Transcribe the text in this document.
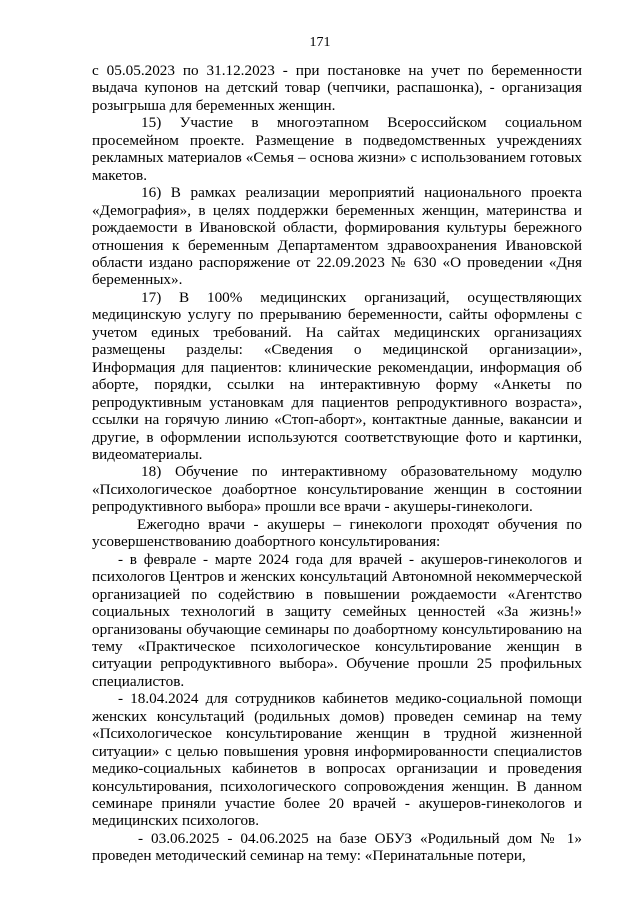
171

с 05.05.2023 по 31.12.2023 - при постановке на учет по беременности выдача купонов на детский товар (чепчики, распашонка), - организация розыгрыша для беременных женщин.

15) Участие в многоэтапном Всероссийском социальном просемейном проекте. Размещение в подведомственных учреждениях рекламных материалов «Семья – основа жизни» с использованием готовых макетов.

16) В рамках реализации мероприятий национального проекта «Демография», в целях поддержки беременных женщин, материнства и рождаемости в Ивановской области, формирования культуры бережного отношения к беременным Департаментом здравоохранения Ивановской области издано распоряжение от 22.09.2023 № 630 «О проведении «Дня беременных».

17) В 100% медицинских организаций, осуществляющих медицинскую услугу по прерыванию беременности, сайты оформлены с учетом единых требований. На сайтах медицинских организациях размещены разделы: «Сведения о медицинской организации», Информация для пациентов: клинические рекомендации, информация об аборте, порядки, ссылки на интерактивную форму «Анкеты по репродуктивным установкам для пациентов репродуктивного возраста», ссылки на горячую линию «Стоп-аборт», контактные данные, вакансии и другие, в оформлении используются соответствующие фото и картинки, видеоматериалы.

18) Обучение по интерактивному образовательному модулю «Психологическое доабортное консультирование женщин в состоянии репродуктивного выбора» прошли все врачи - акушеры-гинекологи.

Ежегодно врачи - акушеры – гинекологи проходят обучения по усовершенствованию доабортного консультирования:

- в феврале - марте 2024 года для врачей - акушеров-гинекологов и психологов Центров и женских консультаций Автономной некоммерческой организацией по содействию в повышении рождаемости «Агентство социальных технологий в защиту семейных ценностей «За жизнь!» организованы обучающие семинары по доабортному консультированию на тему «Практическое психологическое консультирование женщин в ситуации репродуктивного выбора». Обучение прошли 25 профильных специалистов.

- 18.04.2024 для сотрудников кабинетов медико-социальной помощи женских консультаций (родильных домов) проведен семинар на тему «Психологическое консультирование женщин в трудной жизненной ситуации» с целью повышения уровня информированности специалистов медико-социальных кабинетов в вопросах организации и проведения консультирования, психологического сопровождения женщин. В данном семинаре приняли участие более 20 врачей - акушеров-гинекологов и медицинских психологов.

- 03.06.2025 - 04.06.2025 на базе ОБУЗ «Родильный дом № 1» проведен методический семинар на тему: «Перинатальные потери,
